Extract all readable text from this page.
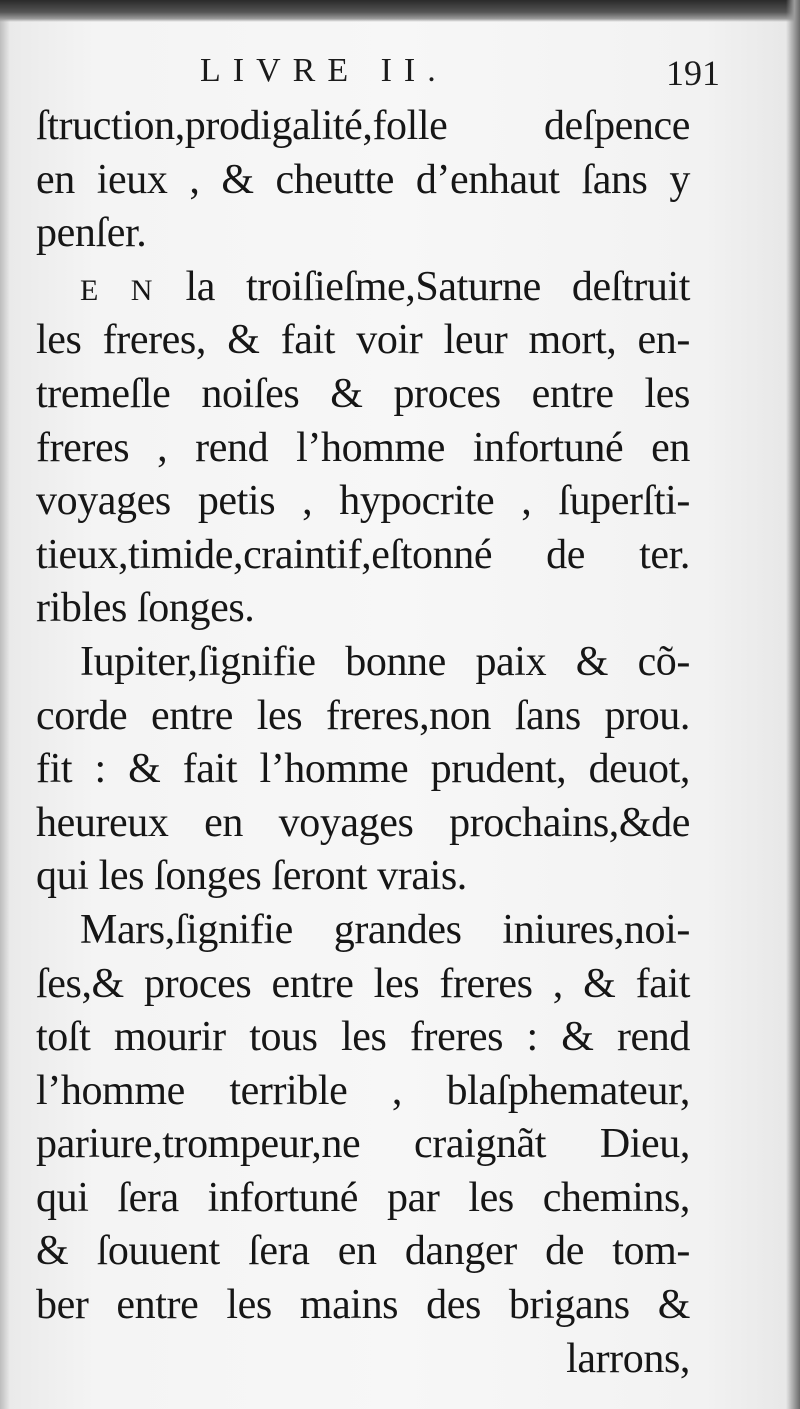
LIVRE II.	191
ſtruction,prodigalité,folle deſpence
en ieux , & cheutte d’enhaut ſans y
penſer.
E N la troiſieſme,Saturne deſtruit
les freres, & fait voir leur mort, en-
tremeſle noiſes & proces entre les
freres , rend l’homme infortuné en
voyages petis , hypocrite , ſuperſti-
tieux,timide,craintif,eſtonné de ter.
ribles ſonges.
Iupiter,ſignifie bonne paix & cõ-
corde entre les freres,non ſans prou.
fit : & fait l’homme prudent, deuot,
heureux en voyages prochains,&de
qui les ſonges ſeront vrais.
Mars,ſignifie grandes iniures,noi-
ſes,& proces entre les freres , & fait
toſt mourir tous les freres : & rend
l’homme terrible , blaſphemateur,
pariure,trompeur,ne craignãt Dieu,
qui ſera infortuné par les chemins,
& ſouuent ſera en danger de tom-
ber entre les mains des brigans &
larrons,
